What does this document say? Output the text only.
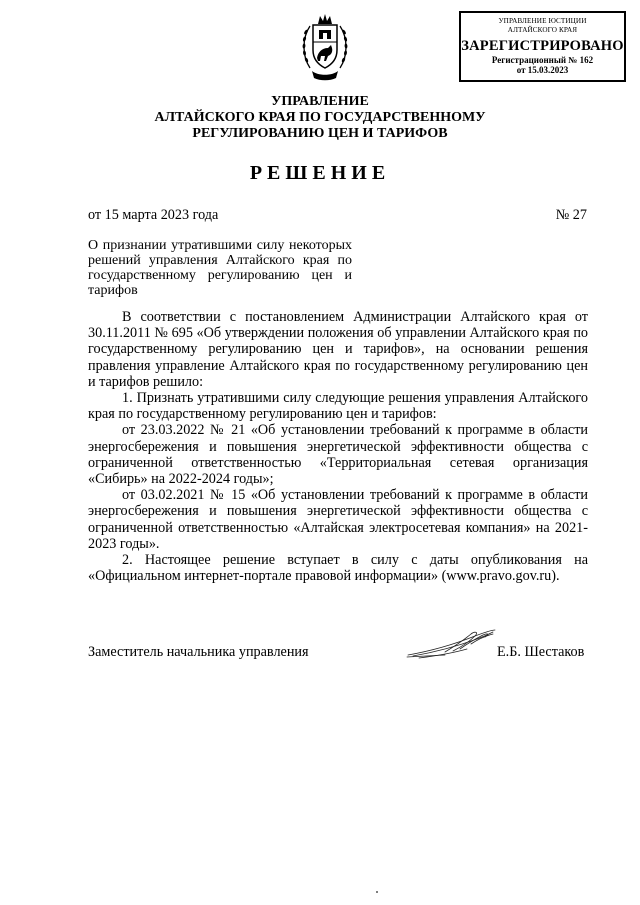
УПРАВЛЕНИЕ ЮСТИЦИИ
АЛТАЙСКОГО КРАЯ
ЗАРЕГИСТРИРОВАНО
Регистрационный № 162
от 15.03.2023
УПРАВЛЕНИЕ
АЛТАЙСКОГО КРАЯ ПО ГОСУДАРСТВЕННОМУ
РЕГУЛИРОВАНИЮ ЦЕН И ТАРИФОВ
РЕШЕНИЕ
от 15 марта 2023 года	№ 27
О признании утратившими силу некоторых решений управления Алтайского края по государственному регулированию цен и тарифов

В соответствии с постановлением Администрации Алтайского края от 30.11.2011 № 695 «Об утверждении положения об управлении Алтайского края по государственному регулированию цен и тарифов», на основании решения правления управление Алтайского края по государственному регулированию цен и тарифов решило:

1. Признать утратившими силу следующие решения управления Алтайского края по государственному регулированию цен и тарифов:

от 23.03.2022 № 21 «Об установлении требований к программе в области энергосбережения и повышения энергетической эффективности общества с ограниченной ответственностью «Территориальная сетевая организация «Сибирь» на 2022-2024 годы»;

от 03.02.2021 № 15 «Об установлении требований к программе в области энергосбережения и повышения энергетической эффективности общества с ограниченной ответственностью «Алтайская электросетевая компания» на 2021-2023 годы».

2. Настоящее решение вступает в силу с даты опубликования на «Официальном интернет-портале правовой информации» (www.pravo.gov.ru).

Заместитель начальника управления	Е.Б. Шестаков
